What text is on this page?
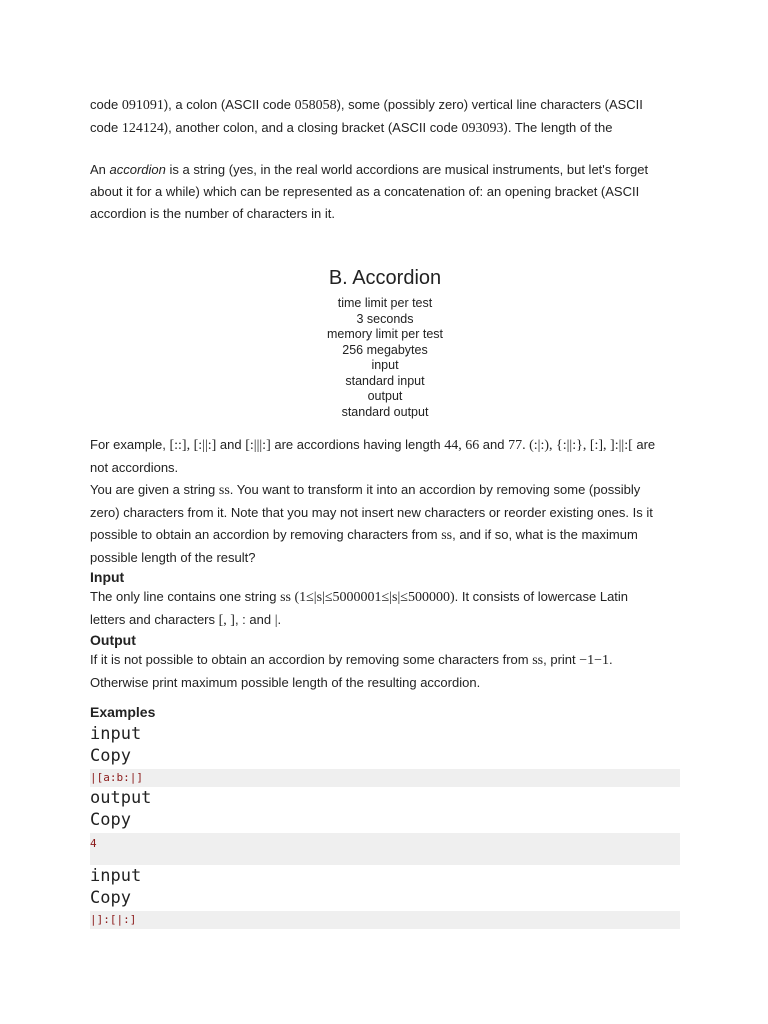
code 091091), a colon (ASCII code 058058), some (possibly zero) vertical line characters (ASCII
code 124124), another colon, and a closing bracket (ASCII code 093093). The length of the

An accordion is a string (yes, in the real world accordions are musical instruments, but let's forget
about it for a while) which can be represented as a concatenation of: an opening bracket (ASCII
accordion is the number of characters in it.

B. Accordion
time limit per test
3 seconds
memory limit per test
256 megabytes
input
standard input
output
standard output

For example, [::], [:||:] and [:|||:] are accordions having length 44, 66 and 77. (:|:), {:||:}, [:], ]:||:[ are
not accordions.

You are given a string ss. You want to transform it into an accordion by removing some (possibly
zero) characters from it. Note that you may not insert new characters or reorder existing ones. Is it
possible to obtain an accordion by removing characters from ss, and if so, what is the maximum
possible length of the result?

Input

The only line contains one string ss (1≤|s|≤5000001≤|s|≤500000). It consists of lowercase Latin
letters and characters [, ], : and |.

Output

If it is not possible to obtain an accordion by removing some characters from ss, print −1−1.
Otherwise print maximum possible length of the resulting accordion.

Examples
input
Copy
|[a:b:|]
output
Copy
4
input
Copy
|]:[|:]
